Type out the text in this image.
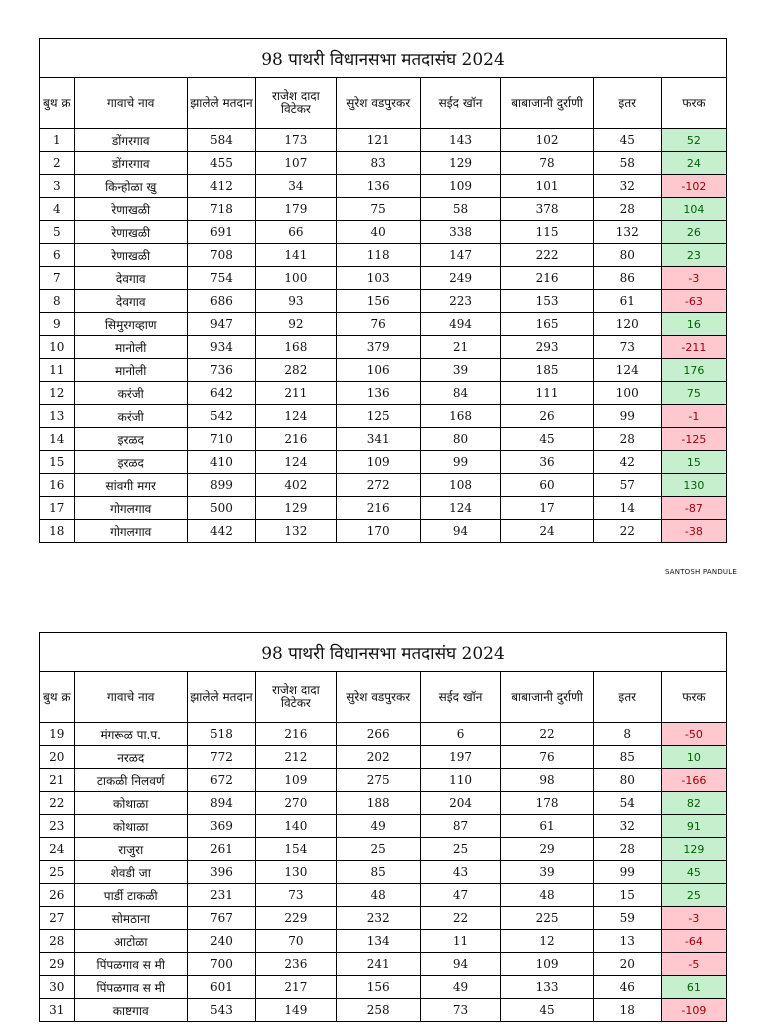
98 पाथरी विधानसभा मतदासंघ 2024								
बुथ क्र	गावाचे नाव	झालेले मतदान	राजेश दादा विटेकर	सुरेश वडपुरकर	सईद खॉन	बाबाजानी दुर्राणी	इतर	फरक
1	डोंगरगाव	584	173	121	143	102	45	52
2	डोंगरगाव	455	107	83	129	78	58	24
3	किन्होळा खु	412	34	136	109	101	32	-102
4	रेणाखळी	718	179	75	58	378	28	104
5	रेणाखळी	691	66	40	338	115	132	26
6	रेणाखळी	708	141	118	147	222	80	23
7	देवगाव	754	100	103	249	216	86	-3
8	देवगाव	686	93	156	223	153	61	-63
9	सिमुरगव्हाण	947	92	76	494	165	120	16
10	मानोली	934	168	379	21	293	73	-211
11	मानोली	736	282	106	39	185	124	176
12	करंजी	642	211	136	84	111	100	75
13	करंजी	542	124	125	168	26	99	-1
14	इरळद	710	216	341	80	45	28	-125
15	इरळद	410	124	109	99	36	42	15
16	सांवगी मगर	899	402	272	108	60	57	130
17	गोगलगाव	500	129	216	124	17	14	-87
18	गोगलगाव	442	132	170	94	24	22	-38
SANTOSH PANDULE
98 पाथरी विधानसभा मतदासंघ 2024								
बुथ क्र	गावाचे नाव	झालेले मतदान	राजेश दादा विटेकर	सुरेश वडपुरकर	सईद खॉन	बाबाजानी दुर्राणी	इतर	फरक
19	मंगरूळ पा.प.	518	216	266	6	22	8	-50
20	नरळद	772	212	202	197	76	85	10
21	टाकळी निलवर्ण	672	109	275	110	98	80	-166
22	कोथाळा	894	270	188	204	178	54	82
23	कोथाळा	369	140	49	87	61	32	91
24	राजुरा	261	154	25	25	29	28	129
25	शेवडी जा	396	130	85	43	39	99	45
26	पार्डी टाकळी	231	73	48	47	48	15	25
27	सोमठाना	767	229	232	22	225	59	-3
28	आटोळा	240	70	134	11	12	13	-64
29	पिंपळगाव स मी	700	236	241	94	109	20	-5
30	पिंपळगाव स मी	601	217	156	49	133	46	61
31	काष्टगाव	543	149	258	73	45	18	-109
